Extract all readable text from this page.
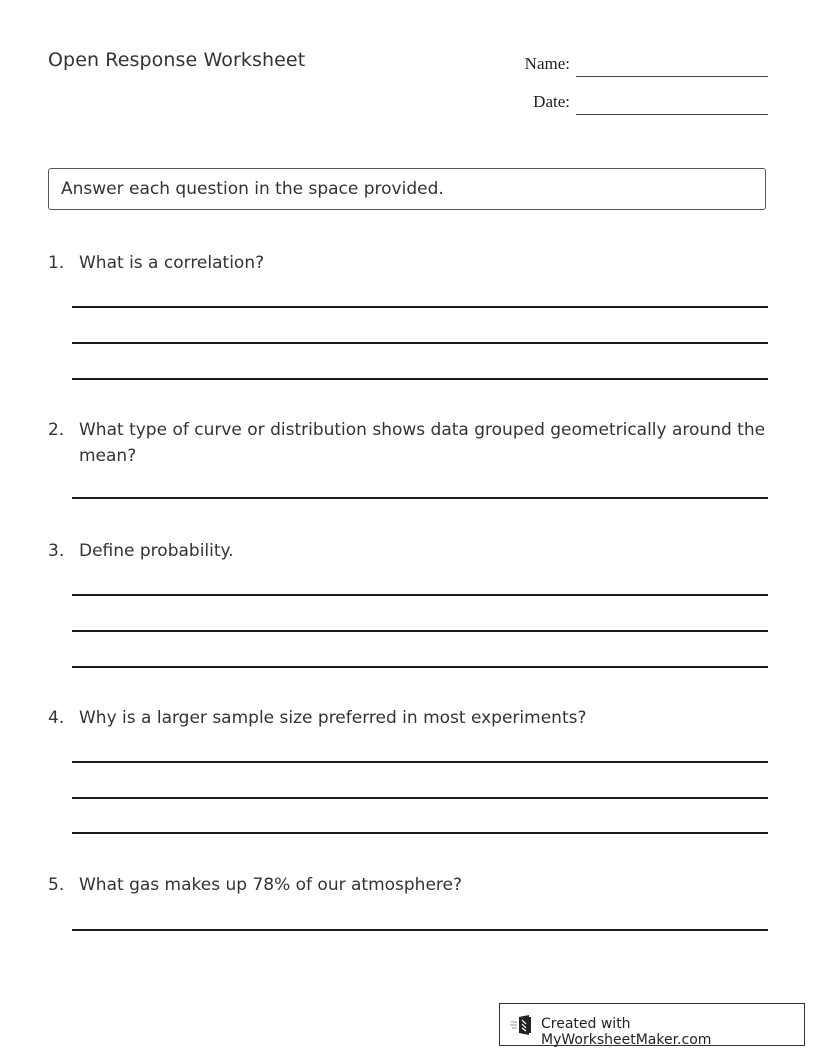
Open Response Worksheet	Name:
Date:
Answer each question in the space provided.
1. What is a correlation?
2. What type of curve or distribution shows data grouped geometrically around the mean?
3. Define probability.
4. Why is a larger sample size preferred in most experiments?
5. What gas makes up 78% of our atmosphere?
Created with MyWorksheetMaker.com
